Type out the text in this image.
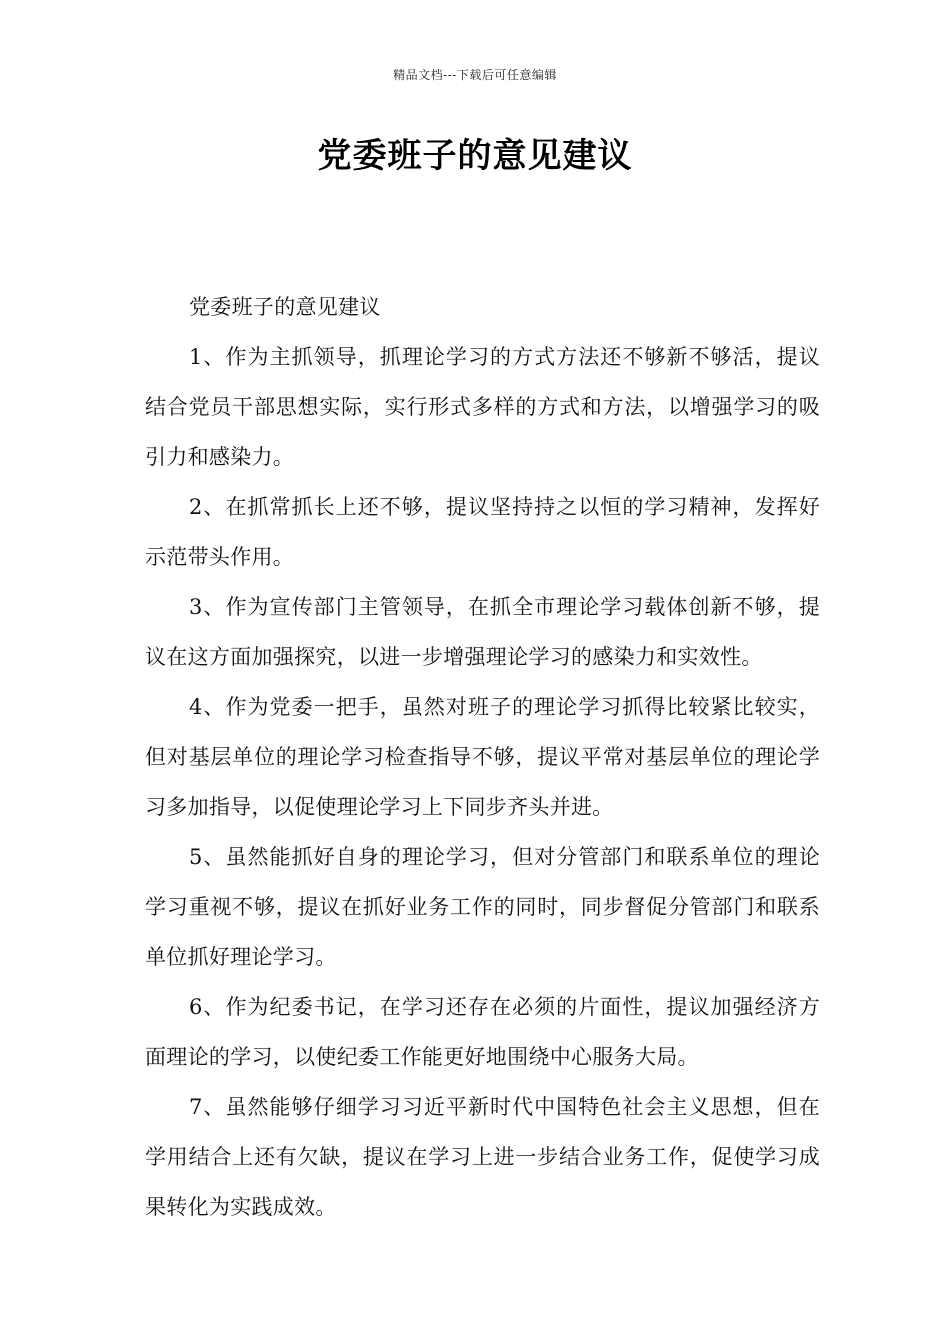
精品文档---下载后可任意编辑
党委班子的意见建议

党委班子的意见建议

1、作为主抓领导，抓理论学习的方式方法还不够新不够活，提议结合党员干部思想实际，实行形式多样的方式和方法，以增强学习的吸引力和感染力。

2、在抓常抓长上还不够，提议坚持持之以恒的学习精神，发挥好示范带头作用。

3、作为宣传部门主管领导，在抓全市理论学习载体创新不够，提议在这方面加强探究，以进一步增强理论学习的感染力和实效性。

4、作为党委一把手，虽然对班子的理论学习抓得比较紧比较实，但对基层单位的理论学习检查指导不够，提议平常对基层单位的理论学习多加指导，以促使理论学习上下同步齐头并进。

5、虽然能抓好自身的理论学习，但对分管部门和联系单位的理论学习重视不够，提议在抓好业务工作的同时，同步督促分管部门和联系单位抓好理论学习。

6、作为纪委书记，在学习还存在必须的片面性，提议加强经济方面理论的学习，以使纪委工作能更好地围绕中心服务大局。

7、虽然能够仔细学习习近平新时代中国特色社会主义思想，但在学用结合上还有欠缺，提议在学习上进一步结合业务工作，促使学习成果转化为实践成效。
